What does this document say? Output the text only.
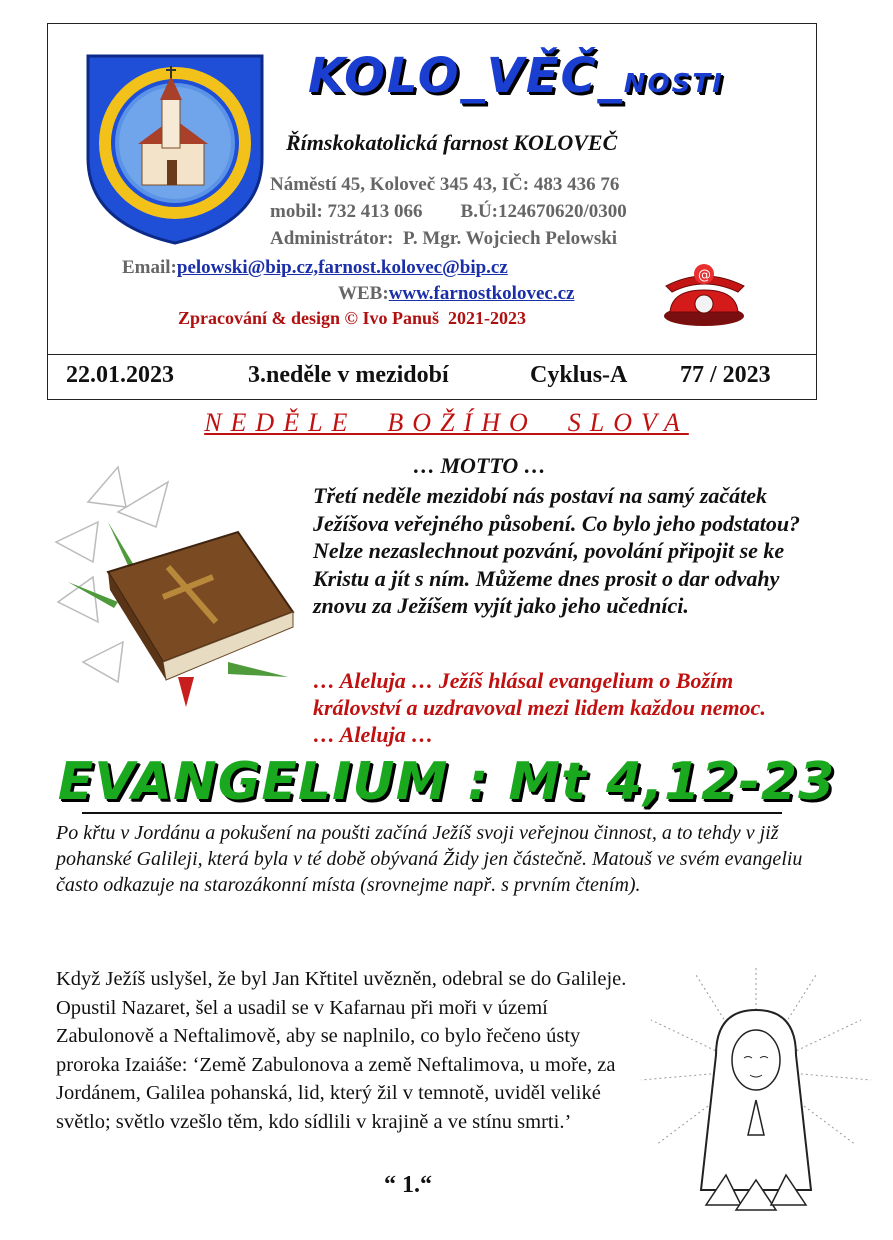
KOLO_VĚČ_NOSTI
Římskokatolická farnost KOLOVEČ
Náměstí 45, Koloveč 345 43, IČ: 483 436 76
mobil: 732 413 066        B.Ú:124670620/0300
Administrátor:  P. Mgr. Wojciech Pelowski
Email:pelowski@bip.cz,farnost.kolovec@bip.cz
WEB:www.farnostkolovec.cz
Zpracování & design © Ivo Panuš  2021-2023
@
22.01.2023	3.neděle v mezidobí	Cyklus-A 77 / 2023
NEDĚLE  BOŽÍHO  SLOVA
… MOTTO …
Třetí neděle mezidobí nás postaví na samý začátek Ježíšova veřejného působení. Co bylo jeho podstatou? Nelze nezaslechnout pozvání, povolání připojit se ke Kristu a jít s ním. Můžeme dnes prosit o dar odvahy znovu za Ježíšem vyjít jako jeho učedníci.
… Aleluja … Ježíš hlásal evangelium o Božím království a uzdravoval mezi lidem každou nemoc.          … Aleluja …
EVANGELIUM : Mt 4,12-23
Po křtu v Jordánu a pokušení na poušti začíná Ježíš svoji veřejnou činnost, a to tehdy v již pohanské Galileji, která byla v té době obývaná Židy jen částečně. Matouš ve svém evangeliu často odkazuje na starozákonní místa (srovnejme např. s prvním čtením).
Když Ježíš uslyšel, že byl Jan Křtitel uvězněn, odebral se do Galileje. Opustil Nazaret, šel a usadil se v Kafarnau při moři v území Zabulonově a Neftalimově, aby se naplnilo, co bylo řečeno ústy proroka Izaiáše: ‘Země Zabulonova a země Neftalimova, u moře, za Jordánem, Galilea pohanská, lid, který žil v temnotě, uviděl veliké světlo; světlo vzešlo těm, kdo sídlili v krajině a ve stínu smrti.’
“ 1.“
